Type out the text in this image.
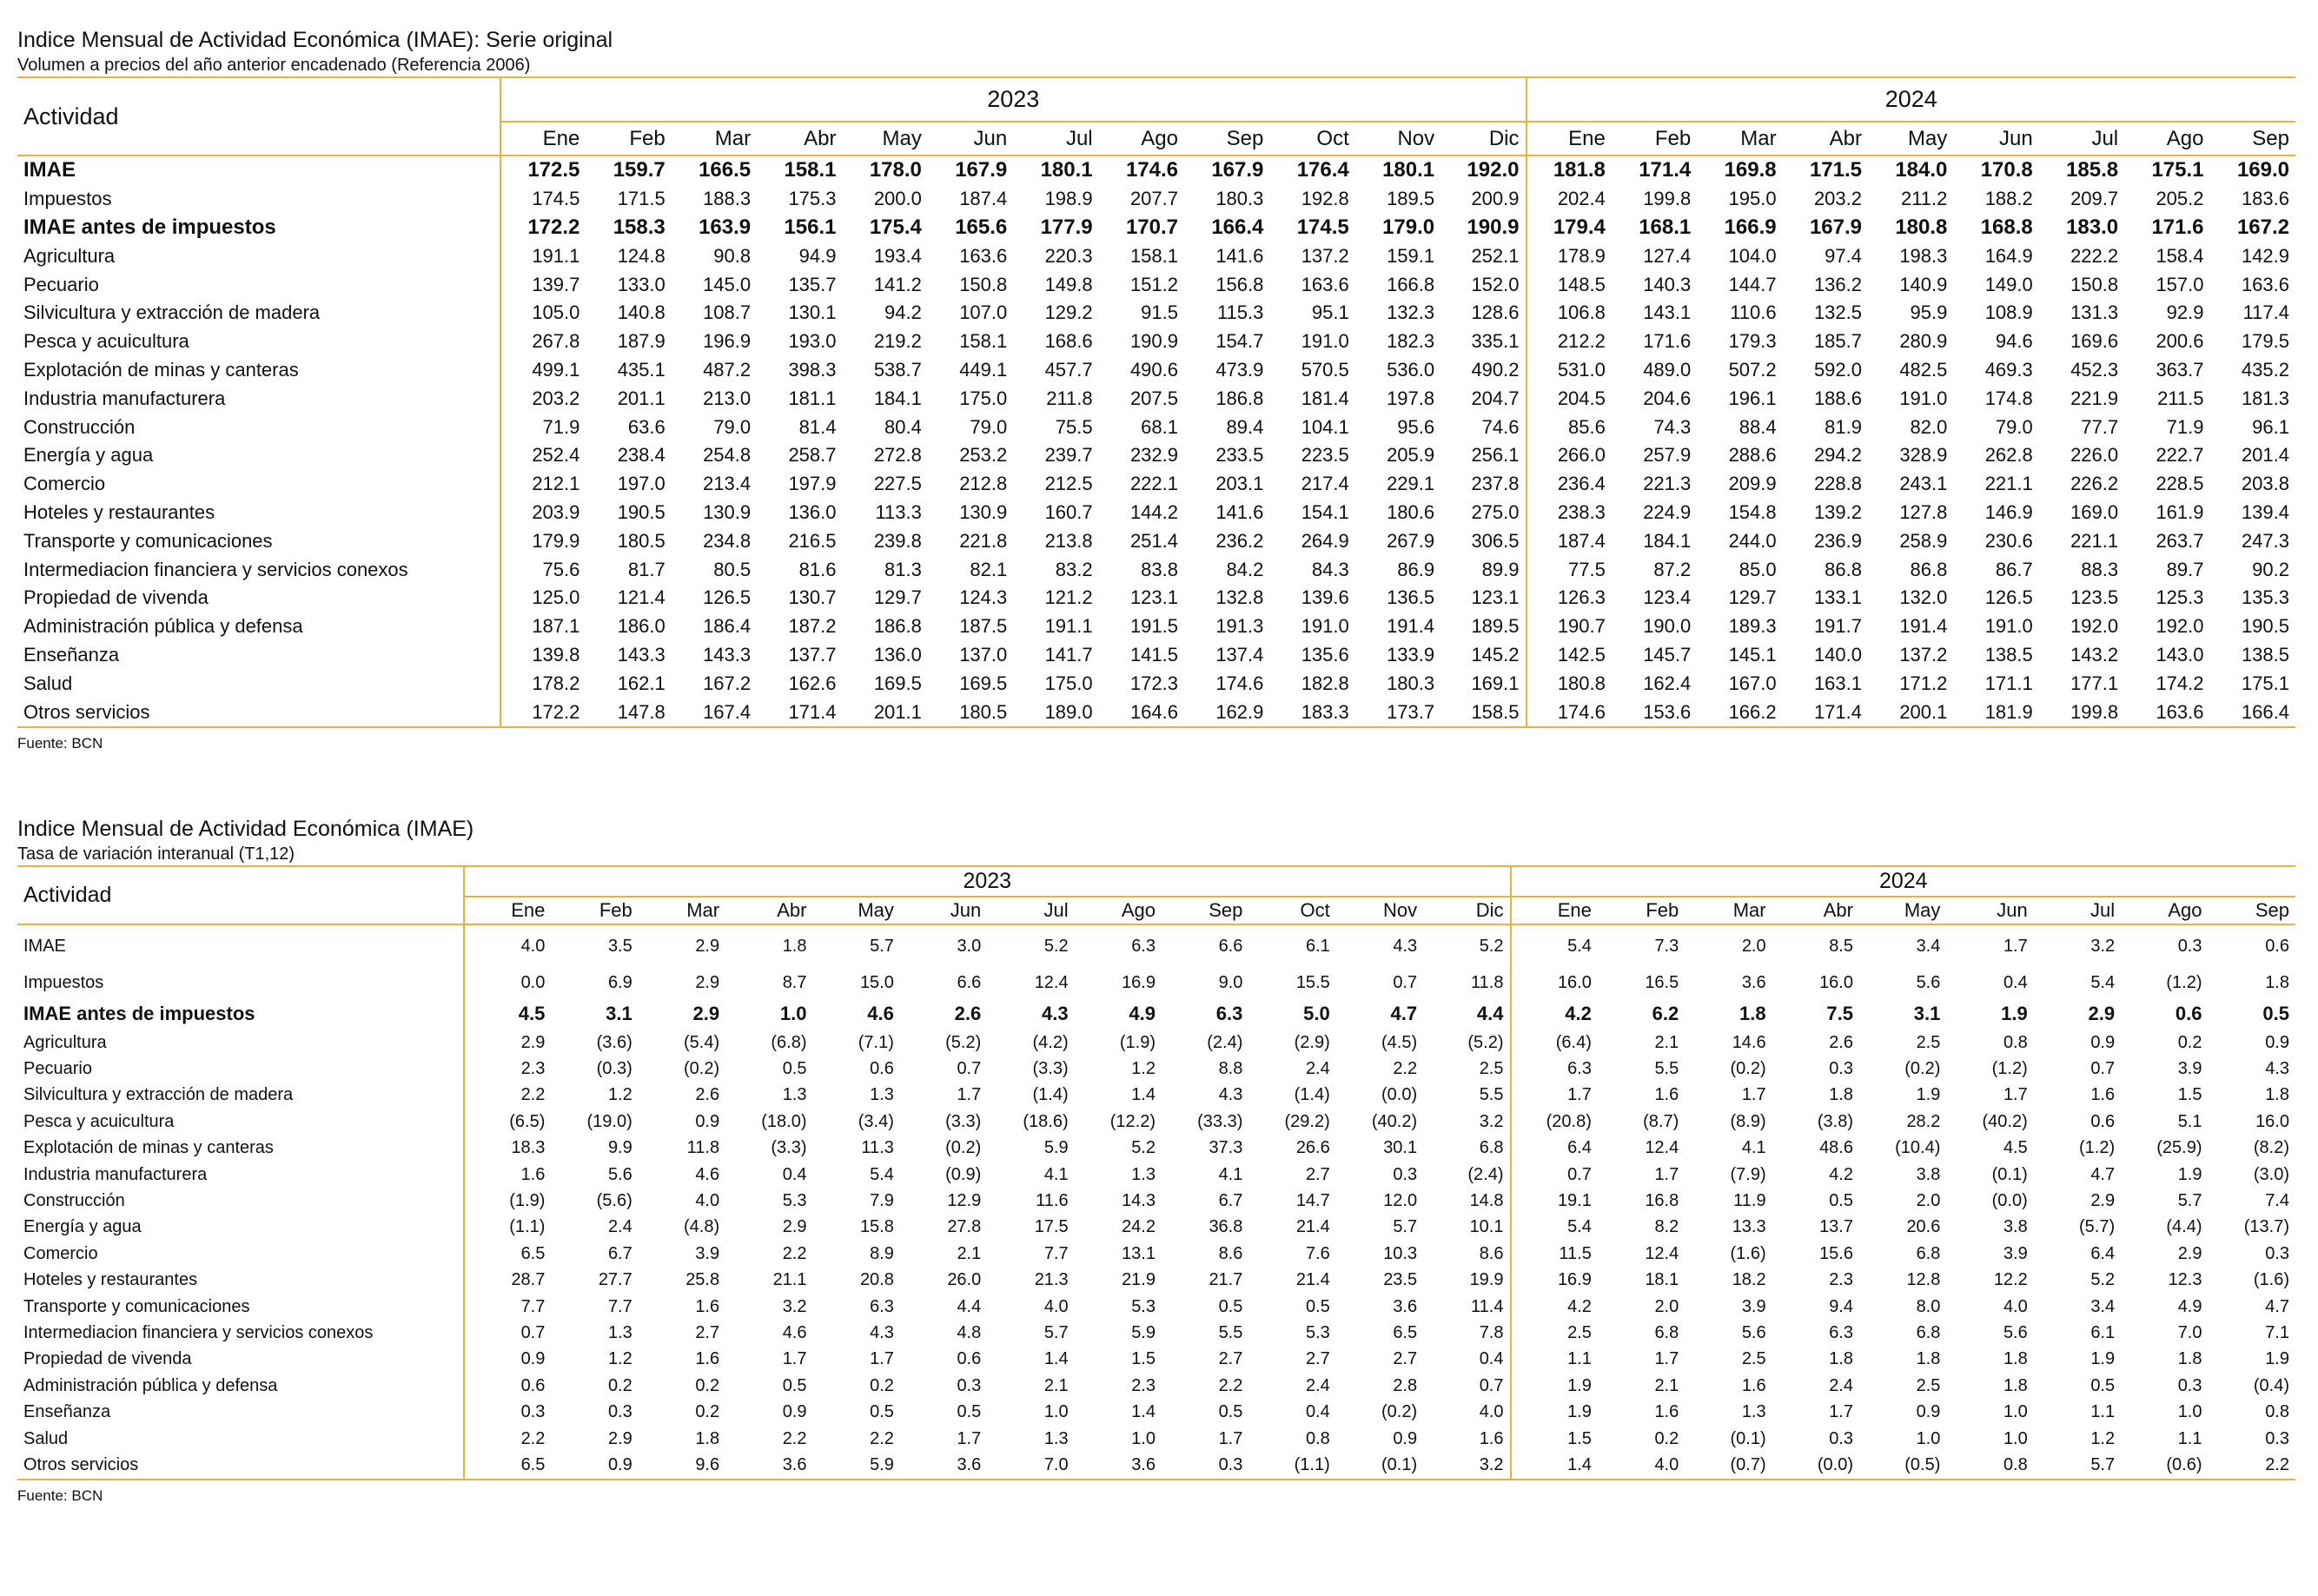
Indice Mensual de Actividad Económica (IMAE): Serie original

Volumen a precios del año anterior encadenado (Referencia 2006)

Actividad	2023												2024								
	Ene	Feb	Mar	Abr	May	Jun	Jul	Ago	Sep	Oct	Nov	Dic	Ene	Feb	Mar	Abr	May	Jun	Jul	Ago	Sep
IMAE	172.5	159.7	166.5	158.1	178.0	167.9	180.1	174.6	167.9	176.4	180.1	192.0	181.8	171.4	169.8	171.5	184.0	170.8	185.8	175.1	169.0
Impuestos	174.5	171.5	188.3	175.3	200.0	187.4	198.9	207.7	180.3	192.8	189.5	200.9	202.4	199.8	195.0	203.2	211.2	188.2	209.7	205.2	183.6
IMAE antes de impuestos	172.2	158.3	163.9	156.1	175.4	165.6	177.9	170.7	166.4	174.5	179.0	190.9	179.4	168.1	166.9	167.9	180.8	168.8	183.0	171.6	167.2
Agricultura	191.1	124.8	90.8	94.9	193.4	163.6	220.3	158.1	141.6	137.2	159.1	252.1	178.9	127.4	104.0	97.4	198.3	164.9	222.2	158.4	142.9
Pecuario	139.7	133.0	145.0	135.7	141.2	150.8	149.8	151.2	156.8	163.6	166.8	152.0	148.5	140.3	144.7	136.2	140.9	149.0	150.8	157.0	163.6
Silvicultura y extracción de madera	105.0	140.8	108.7	130.1	94.2	107.0	129.2	91.5	115.3	95.1	132.3	128.6	106.8	143.1	110.6	132.5	95.9	108.9	131.3	92.9	117.4
Pesca y acuicultura	267.8	187.9	196.9	193.0	219.2	158.1	168.6	190.9	154.7	191.0	182.3	335.1	212.2	171.6	179.3	185.7	280.9	94.6	169.6	200.6	179.5
Explotación de minas y canteras	499.1	435.1	487.2	398.3	538.7	449.1	457.7	490.6	473.9	570.5	536.0	490.2	531.0	489.0	507.2	592.0	482.5	469.3	452.3	363.7	435.2
Industria manufacturera	203.2	201.1	213.0	181.1	184.1	175.0	211.8	207.5	186.8	181.4	197.8	204.7	204.5	204.6	196.1	188.6	191.0	174.8	221.9	211.5	181.3
Construcción	71.9	63.6	79.0	81.4	80.4	79.0	75.5	68.1	89.4	104.1	95.6	74.6	85.6	74.3	88.4	81.9	82.0	79.0	77.7	71.9	96.1
Energía y agua	252.4	238.4	254.8	258.7	272.8	253.2	239.7	232.9	233.5	223.5	205.9	256.1	266.0	257.9	288.6	294.2	328.9	262.8	226.0	222.7	201.4
Comercio	212.1	197.0	213.4	197.9	227.5	212.8	212.5	222.1	203.1	217.4	229.1	237.8	236.4	221.3	209.9	228.8	243.1	221.1	226.2	228.5	203.8
Hoteles y restaurantes	203.9	190.5	130.9	136.0	113.3	130.9	160.7	144.2	141.6	154.1	180.6	275.0	238.3	224.9	154.8	139.2	127.8	146.9	169.0	161.9	139.4
Transporte y comunicaciones	179.9	180.5	234.8	216.5	239.8	221.8	213.8	251.4	236.2	264.9	267.9	306.5	187.4	184.1	244.0	236.9	258.9	230.6	221.1	263.7	247.3
Intermediacion financiera y servicios conexos	75.6	81.7	80.5	81.6	81.3	82.1	83.2	83.8	84.2	84.3	86.9	89.9	77.5	87.2	85.0	86.8	86.8	86.7	88.3	89.7	90.2
Propiedad de vivenda	125.0	121.4	126.5	130.7	129.7	124.3	121.2	123.1	132.8	139.6	136.5	123.1	126.3	123.4	129.7	133.1	132.0	126.5	123.5	125.3	135.3
Administración pública y defensa	187.1	186.0	186.4	187.2	186.8	187.5	191.1	191.5	191.3	191.0	191.4	189.5	190.7	190.0	189.3	191.7	191.4	191.0	192.0	192.0	190.5
Enseñanza	139.8	143.3	143.3	137.7	136.0	137.0	141.7	141.5	137.4	135.6	133.9	145.2	142.5	145.7	145.1	140.0	137.2	138.5	143.2	143.0	138.5
Salud	178.2	162.1	167.2	162.6	169.5	169.5	175.0	172.3	174.6	182.8	180.3	169.1	180.8	162.4	167.0	163.1	171.2	171.1	177.1	174.2	175.1
Otros servicios	172.2	147.8	167.4	171.4	201.1	180.5	189.0	164.6	162.9	183.3	173.7	158.5	174.6	153.6	166.2	171.4	200.1	181.9	199.8	163.6	166.4

Fuente: BCN

Indice Mensual de Actividad Económica (IMAE)

Tasa de variación interanual (T1,12)

Actividad	2023												2024								
	Ene	Feb	Mar	Abr	May	Jun	Jul	Ago	Sep	Oct	Nov	Dic	Ene	Feb	Mar	Abr	May	Jun	Jul	Ago	Sep
IMAE	4.0	3.5	2.9	1.8	5.7	3.0	5.2	6.3	6.6	6.1	4.3	5.2	5.4	7.3	2.0	8.5	3.4	1.7	3.2	0.3	0.6
Impuestos	0.0	6.9	2.9	8.7	15.0	6.6	12.4	16.9	9.0	15.5	0.7	11.8	16.0	16.5	3.6	16.0	5.6	0.4	5.4	(1.2)	1.8
IMAE antes de impuestos	4.5	3.1	2.9	1.0	4.6	2.6	4.3	4.9	6.3	5.0	4.7	4.4	4.2	6.2	1.8	7.5	3.1	1.9	2.9	0.6	0.5
Agricultura	2.9	(3.6)	(5.4)	(6.8)	(7.1)	(5.2)	(4.2)	(1.9)	(2.4)	(2.9)	(4.5)	(5.2)	(6.4)	2.1	14.6	2.6	2.5	0.8	0.9	0.2	0.9
Pecuario	2.3	(0.3)	(0.2)	0.5	0.6	0.7	(3.3)	1.2	8.8	2.4	2.2	2.5	6.3	5.5	(0.2)	0.3	(0.2)	(1.2)	0.7	3.9	4.3
Silvicultura y extracción de madera	2.2	1.2	2.6	1.3	1.3	1.7	(1.4)	1.4	4.3	(1.4)	(0.0)	5.5	1.7	1.6	1.7	1.8	1.9	1.7	1.6	1.5	1.8
Pesca y acuicultura	(6.5)	(19.0)	0.9	(18.0)	(3.4)	(3.3)	(18.6)	(12.2)	(33.3)	(29.2)	(40.2)	3.2	(20.8)	(8.7)	(8.9)	(3.8)	28.2	(40.2)	0.6	5.1	16.0
Explotación de minas y canteras	18.3	9.9	11.8	(3.3)	11.3	(0.2)	5.9	5.2	37.3	26.6	30.1	6.8	6.4	12.4	4.1	48.6	(10.4)	4.5	(1.2)	(25.9)	(8.2)
Industria manufacturera	1.6	5.6	4.6	0.4	5.4	(0.9)	4.1	1.3	4.1	2.7	0.3	(2.4)	0.7	1.7	(7.9)	4.2	3.8	(0.1)	4.7	1.9	(3.0)
Construcción	(1.9)	(5.6)	4.0	5.3	7.9	12.9	11.6	14.3	6.7	14.7	12.0	14.8	19.1	16.8	11.9	0.5	2.0	(0.0)	2.9	5.7	7.4
Energía y agua	(1.1)	2.4	(4.8)	2.9	15.8	27.8	17.5	24.2	36.8	21.4	5.7	10.1	5.4	8.2	13.3	13.7	20.6	3.8	(5.7)	(4.4)	(13.7)
Comercio	6.5	6.7	3.9	2.2	8.9	2.1	7.7	13.1	8.6	7.6	10.3	8.6	11.5	12.4	(1.6)	15.6	6.8	3.9	6.4	2.9	0.3
Hoteles y restaurantes	28.7	27.7	25.8	21.1	20.8	26.0	21.3	21.9	21.7	21.4	23.5	19.9	16.9	18.1	18.2	2.3	12.8	12.2	5.2	12.3	(1.6)
Transporte y comunicaciones	7.7	7.7	1.6	3.2	6.3	4.4	4.0	5.3	0.5	0.5	3.6	11.4	4.2	2.0	3.9	9.4	8.0	4.0	3.4	4.9	4.7
Intermediacion financiera y servicios conexos	0.7	1.3	2.7	4.6	4.3	4.8	5.7	5.9	5.5	5.3	6.5	7.8	2.5	6.8	5.6	6.3	6.8	5.6	6.1	7.0	7.1
Propiedad de vivenda	0.9	1.2	1.6	1.7	1.7	0.6	1.4	1.5	2.7	2.7	2.7	0.4	1.1	1.7	2.5	1.8	1.8	1.8	1.9	1.8	1.9
Administración pública y defensa	0.6	0.2	0.2	0.5	0.2	0.3	2.1	2.3	2.2	2.4	2.8	0.7	1.9	2.1	1.6	2.4	2.5	1.8	0.5	0.3	(0.4)
Enseñanza	0.3	0.3	0.2	0.9	0.5	0.5	1.0	1.4	0.5	0.4	(0.2)	4.0	1.9	1.6	1.3	1.7	0.9	1.0	1.1	1.0	0.8
Salud	2.2	2.9	1.8	2.2	2.2	1.7	1.3	1.0	1.7	0.8	0.9	1.6	1.5	0.2	(0.1)	0.3	1.0	1.0	1.2	1.1	0.3
Otros servicios	6.5	0.9	9.6	3.6	5.9	3.6	7.0	3.6	0.3	(1.1)	(0.1)	3.2	1.4	4.0	(0.7)	(0.0)	(0.5)	0.8	5.7	(0.6)	2.2

Fuente: BCN
